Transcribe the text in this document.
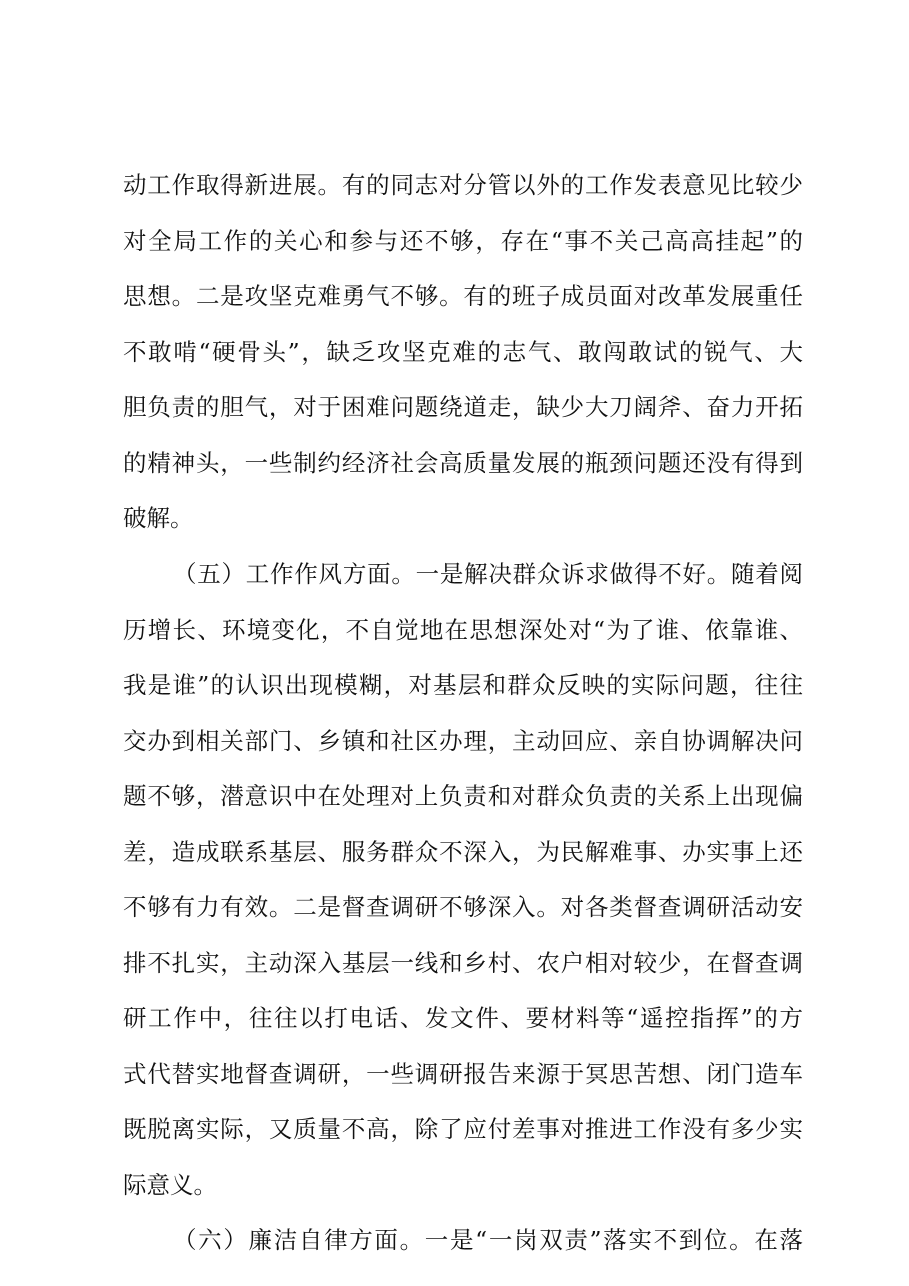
动工作取得新进展。有的同志对分管以外的工作发表意见比较少
对全局工作的关心和参与还不够，存在“事不关己高高挂起”的
思想。二是攻坚克难勇气不够。有的班子成员面对改革发展重任
不敢啃“硬骨头”，缺乏攻坚克难的志气、敢闯敢试的锐气、大
胆负责的胆气，对于困难问题绕道走，缺少大刀阔斧、奋力开拓
的精神头，一些制约经济社会高质量发展的瓶颈问题还没有得到
破解。
（五）工作作风方面。一是解决群众诉求做得不好。随着阅
历增长、环境变化，不自觉地在思想深处对“为了谁、依靠谁、
我是谁”的认识出现模糊，对基层和群众反映的实际问题，往往
交办到相关部门、乡镇和社区办理，主动回应、亲自协调解决问
题不够，潜意识中在处理对上负责和对群众负责的关系上出现偏
差，造成联系基层、服务群众不深入，为民解难事、办实事上还
不够有力有效。二是督查调研不够深入。对各类督查调研活动安
排不扎实，主动深入基层一线和乡村、农户相对较少，在督查调
研工作中，往往以打电话、发文件、要材料等“遥控指挥”的方
式代替实地督查调研，一些调研报告来源于冥思苦想、闭门造车
既脱离实际，又质量不高，除了应付差事对推进工作没有多少实
际意义。
（六）廉洁自律方面。一是“一岗双责”落实不到位。在落
